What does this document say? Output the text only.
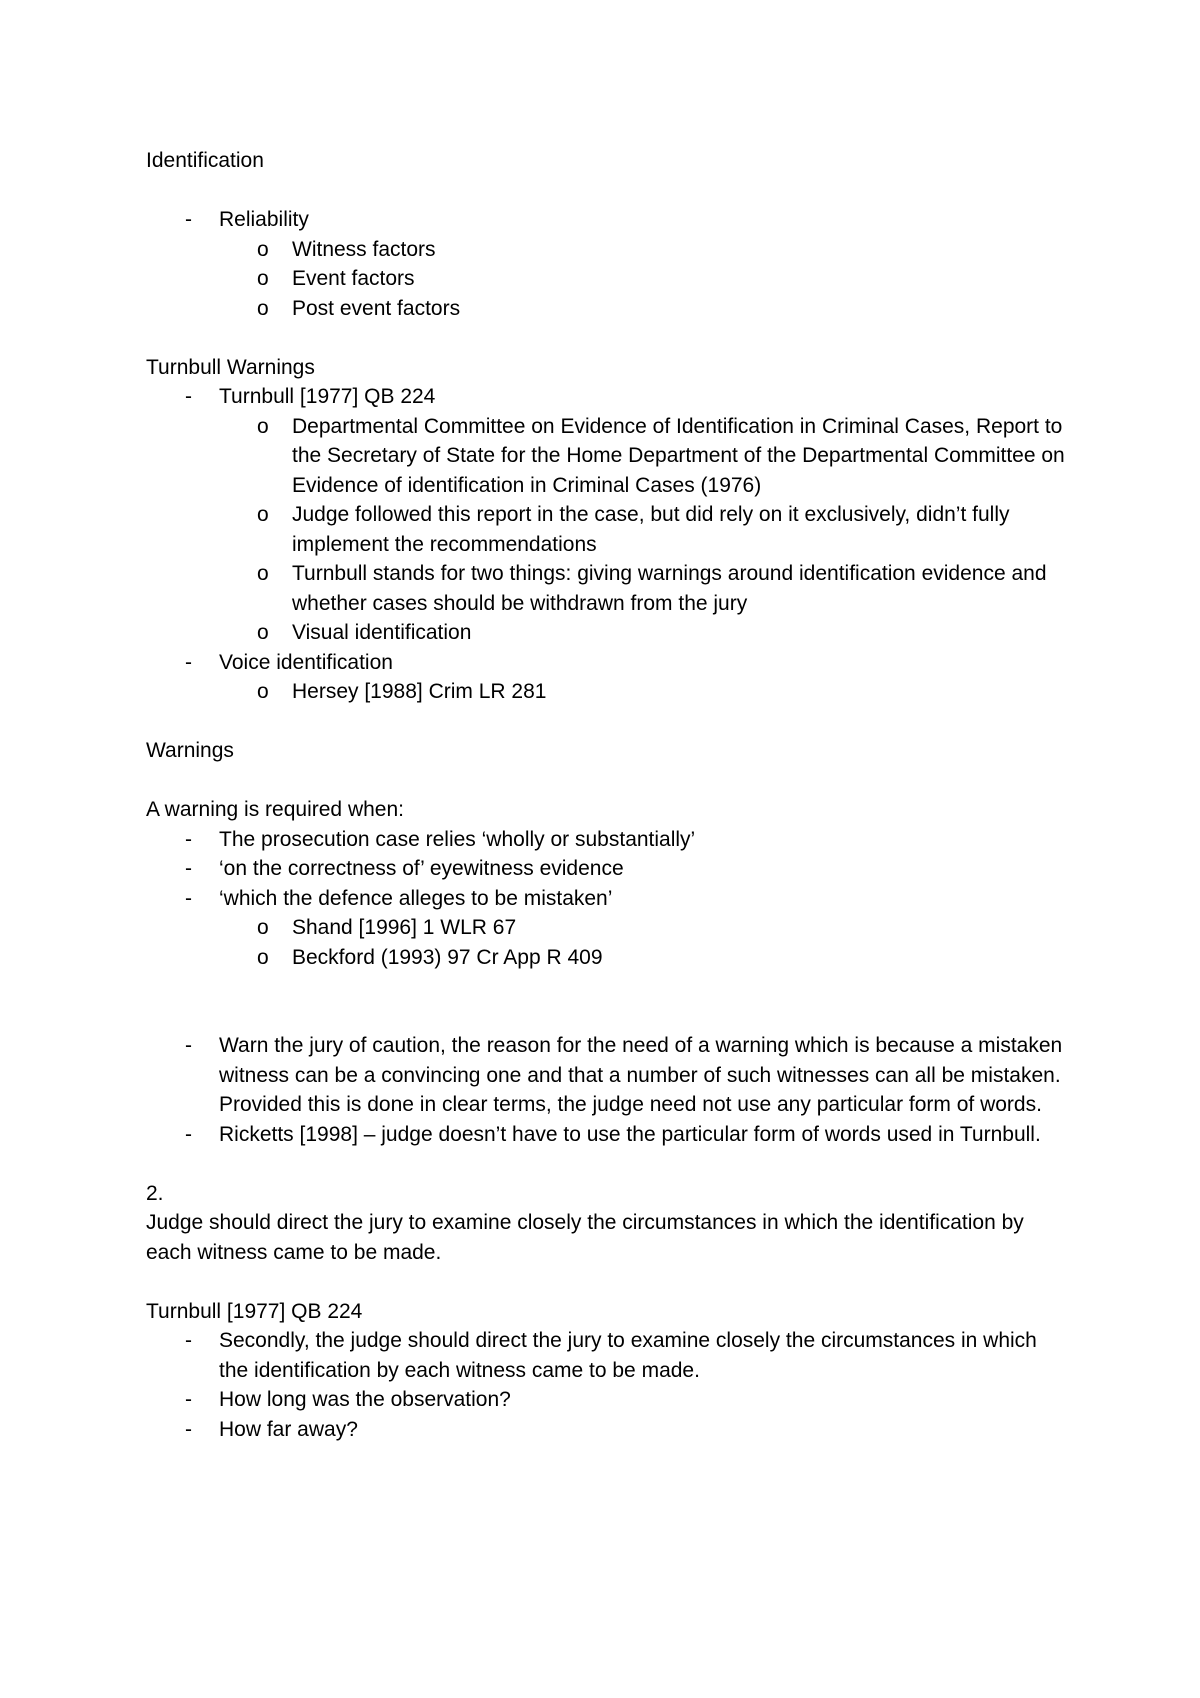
Identification

- Reliability
o Witness factors
o Event factors
o Post event factors

Turnbull Warnings

- Turnbull [1977] QB 224
o Departmental Committee on Evidence of Identification in Criminal Cases, Report to the Secretary of State for the Home Department of the Departmental Committee on Evidence of identification in Criminal Cases (1976)
o Judge followed this report in the case, but did rely on it exclusively, didn’t fully implement the recommendations
o Turnbull stands for two things: giving warnings around identification evidence and whether cases should be withdrawn from the jury
o Visual identification
- Voice identification
o Hersey [1988] Crim LR 281

Warnings

A warning is required when:

- The prosecution case relies ‘wholly or substantially’
- ‘on the correctness of’ eyewitness evidence
- ‘which the defence alleges to be mistaken’
o Shand [1996] 1 WLR 67
o Beckford (1993) 97 Cr App R 409
- Warn the jury of caution, the reason for the need of a warning which is because a mistaken witness can be a convincing one and that a number of such witnesses can all be mistaken. Provided this is done in clear terms, the judge need not use any particular form of words.
- Ricketts [1998] – judge doesn’t have to use the particular form of words used in Turnbull.

2.

Judge should direct the jury to examine closely the circumstances in which the identification by each witness came to be made.

Turnbull [1977] QB 224

- Secondly, the judge should direct the jury to examine closely the circumstances in which the identification by each witness came to be made.
- How long was the observation?
- How far away?
